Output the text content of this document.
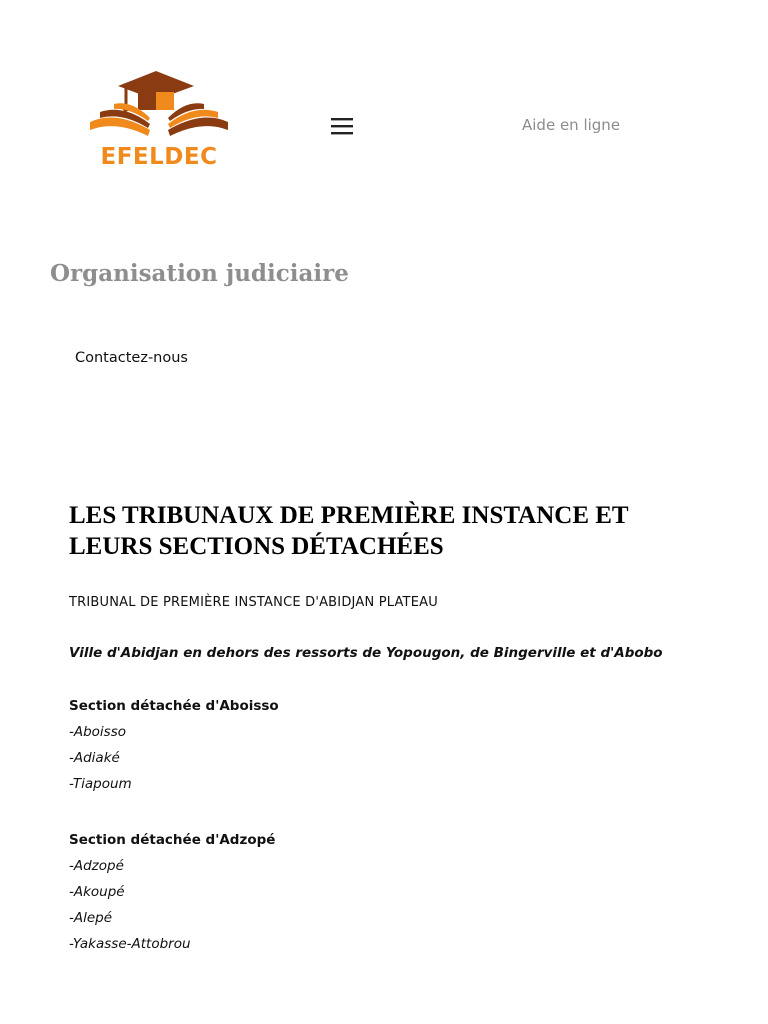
EFELDEC
Aide en ligne
Organisation judiciaire
Contactez-nous
LES TRIBUNAUX DE PREMIÈRE INSTANCE ET LEURS SECTIONS DÉTACHÉES

TRIBUNAL DE PREMIÈRE INSTANCE D'ABIDJAN PLATEAU

Ville d'Abidjan en dehors des ressorts de Yopougon, de Bingerville et d'Abobo

Section détachée d'Aboisso
-Aboisso
-Adiaké
-Tiapoum
Section détachée d'Adzopé
-Adzopé
-Akoupé
-Alepé
-Yakasse-Attobrou
